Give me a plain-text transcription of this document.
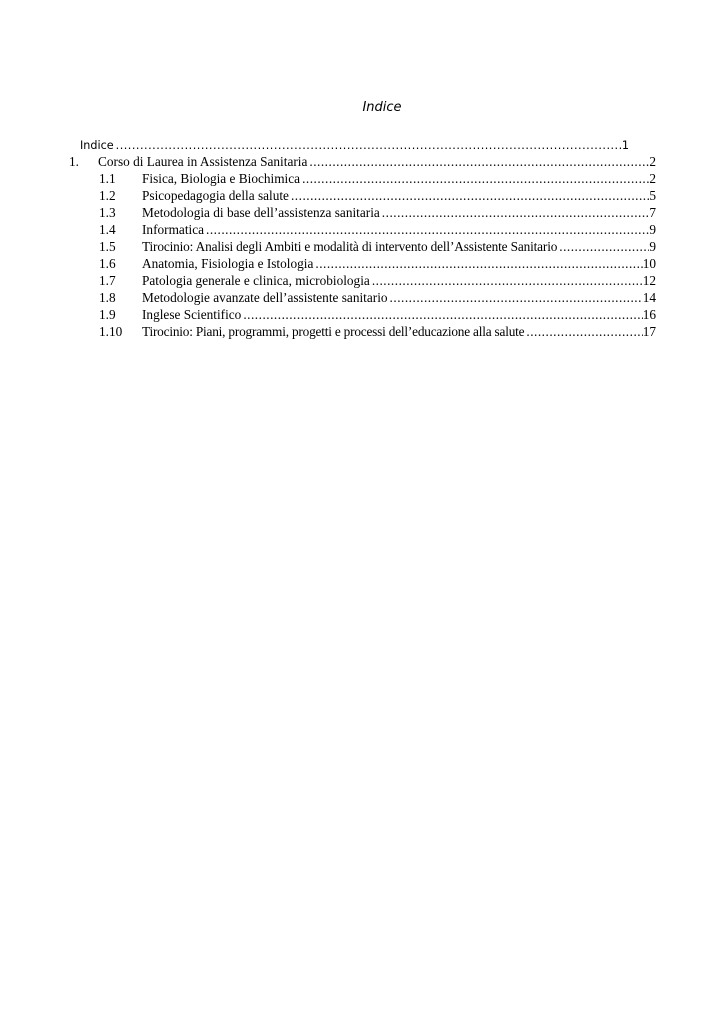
Indice
Indice .....	1
1. Corso di Laurea in Assistenza Sanitaria .....	2
1.1 Fisica, Biologia e Biochimica .....	2
1.2 Psicopedagogia della salute .....	5
1.3 Metodologia di base dell’assistenza sanitaria .....	7
1.4 Informatica .....	9
1.5 Tirocinio: Analisi degli Ambiti e modalità di intervento dell’Assistente Sanitario .....	9
1.6 Anatomia, Fisiologia e Istologia .....	10
1.7 Patologia generale e clinica, microbiologia .....	12
1.8 Metodologie avanzate dell’assistente sanitario .....	14
1.9 Inglese Scientifico .....	16
1.10 Tirocinio: Piani, programmi, progetti e processi dell’educazione alla salute .....	17
